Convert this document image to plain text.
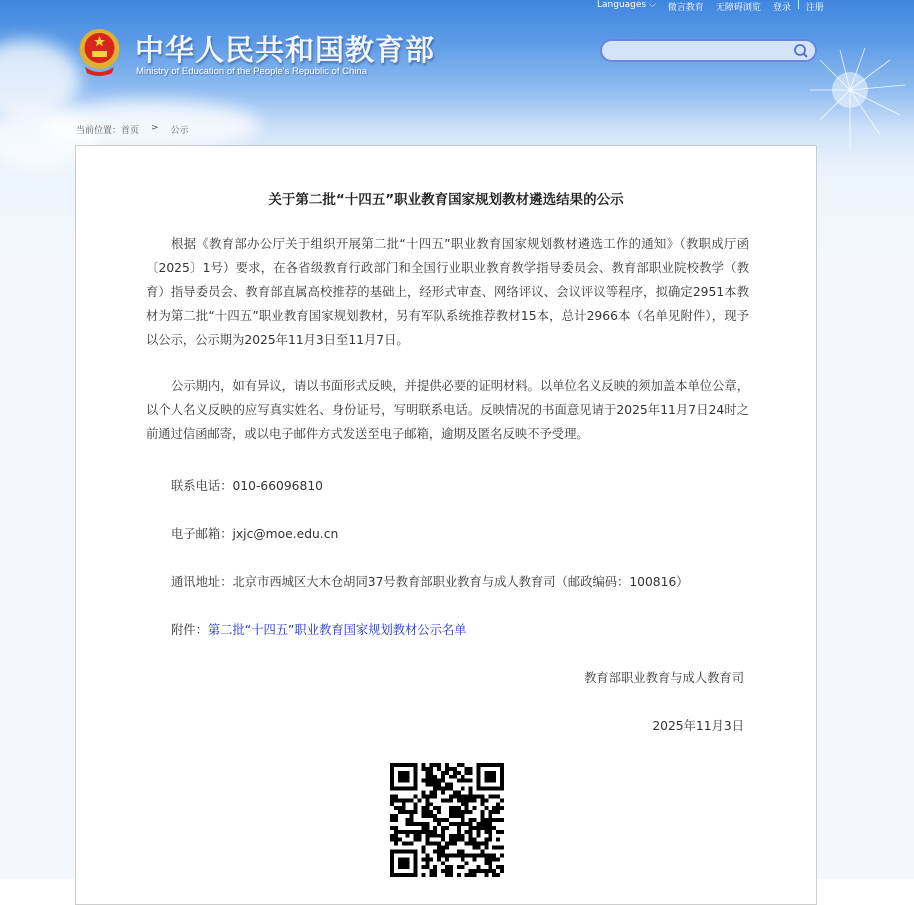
Languages ⌵ 微言教育 无障碍浏览 登录 | 注册
中华人民共和国教育部
Ministry of Education of the People's Republic of China
当前位置： 首页 > 公示
关于第二批“十四五”职业教育国家规划教材遴选结果的公示
根据《教育部办公厅关于组织开展第二批“十四五”职业教育国家规划教材遴选工作的通知》（教职成厅函〔2025〕1号）要求，在各省级教育行政部门和全国行业职业教育教学指导委员会、教育部职业院校教学（教育）指导委员会、教育部直属高校推荐的基础上，经形式审查、网络评议、会议评议等程序，拟确定2951本教材为第二批“十四五”职业教育国家规划教材，另有军队系统推荐教材15本，总计2966本（名单见附件），现予以公示，公示期为2025年11月3日至11月7日。
公示期内，如有异议，请以书面形式反映，并提供必要的证明材料。以单位名义反映的须加盖本单位公章，以个人名义反映的应写真实姓名、身份证号，写明联系电话。反映情况的书面意见请于2025年11月7日24时之前通过信函邮寄，或以电子邮件方式发送至电子邮箱，逾期及匿名反映不予受理。
联系电话：010-66096810
电子邮箱：jxjc@moe.edu.cn
通讯地址：北京市西城区大木仓胡同37号教育部职业教育与成人教育司（邮政编码：100816）
附件：第二批“十四五”职业教育国家规划教材公示名单
教育部职业教育与成人教育司
2025年11月3日
